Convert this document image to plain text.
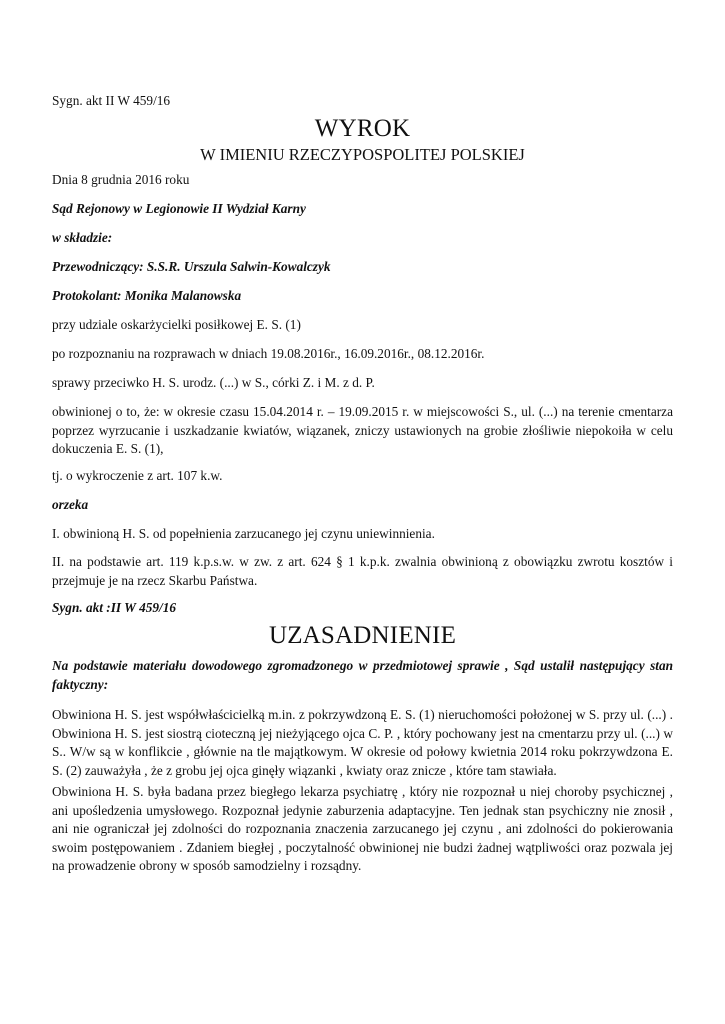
Sygn. akt II W 459/16

WYROK
W IMIENIU RZECZYPOSPOLITEJ POLSKIEJ

Dnia 8 grudnia 2016 roku

Sąd Rejonowy w Legionowie II Wydział Karny

w składzie:

Przewodniczący: S.S.R. Urszula Salwin-Kowalczyk

Protokolant: Monika Malanowska

przy udziale oskarżycielki posiłkowej E. S. (1)

po rozpoznaniu na rozprawach w dniach 19.08.2016r., 16.09.2016r., 08.12.2016r.

sprawy przeciwko H. S. urodz. (...) w S., córki Z. i M. z d. P.

obwinionej o to, że: w okresie czasu 15.04.2014 r. – 19.09.2015 r. w miejscowości S., ul. (...) na terenie cmentarza poprzez wyrzucanie i uszkadzanie kwiatów, wiązanek, zniczy ustawionych na grobie złośliwie niepokoiła w celu dokuczenia E. S. (1),

tj. o wykroczenie z art. 107 k.w.

orzeka

I. obwinioną H. S. od popełnienia zarzucanego jej czynu uniewinnienia.

II. na podstawie art. 119 k.p.s.w. w zw. z art. 624 § 1 k.p.k. zwalnia obwinioną z obowiązku zwrotu kosztów i przejmuje je na rzecz Skarbu Państwa.

Sygn. akt :II W 459/16

UZASADNIENIE

Na podstawie materiału dowodowego zgromadzonego w przedmiotowej sprawie , Sąd ustalił następujący stan faktyczny:

Obwiniona H. S. jest współwłaścicielką m.in. z pokrzywdzoną E. S. (1) nieruchomości położonej w S. przy ul. (...) . Obwiniona H. S. jest siostrą cioteczną jej nieżyjącego ojca C. P. , który pochowany jest na cmentarzu przy ul. (...) w S.. W/w są w konflikcie , głównie na tle majątkowym. W okresie od połowy kwietnia 2014 roku pokrzywdzona E. S. (2) zauważyła , że z grobu jej ojca ginęły wiązanki , kwiaty oraz znicze , które tam stawiała.

Obwiniona H. S. była badana przez biegłego lekarza psychiatrę , który nie rozpoznał u niej choroby psychicznej , ani upośledzenia umysłowego. Rozpoznał jedynie zaburzenia adaptacyjne. Ten jednak stan psychiczny nie znosił , ani nie ograniczał jej zdolności do rozpoznania znaczenia zarzucanego jej czynu , ani zdolności do pokierowania swoim postępowaniem . Zdaniem biegłej , poczytalność obwinionej nie budzi żadnej wątpliwości oraz pozwala jej na prowadzenie obrony w sposób samodzielny i rozsądny.
